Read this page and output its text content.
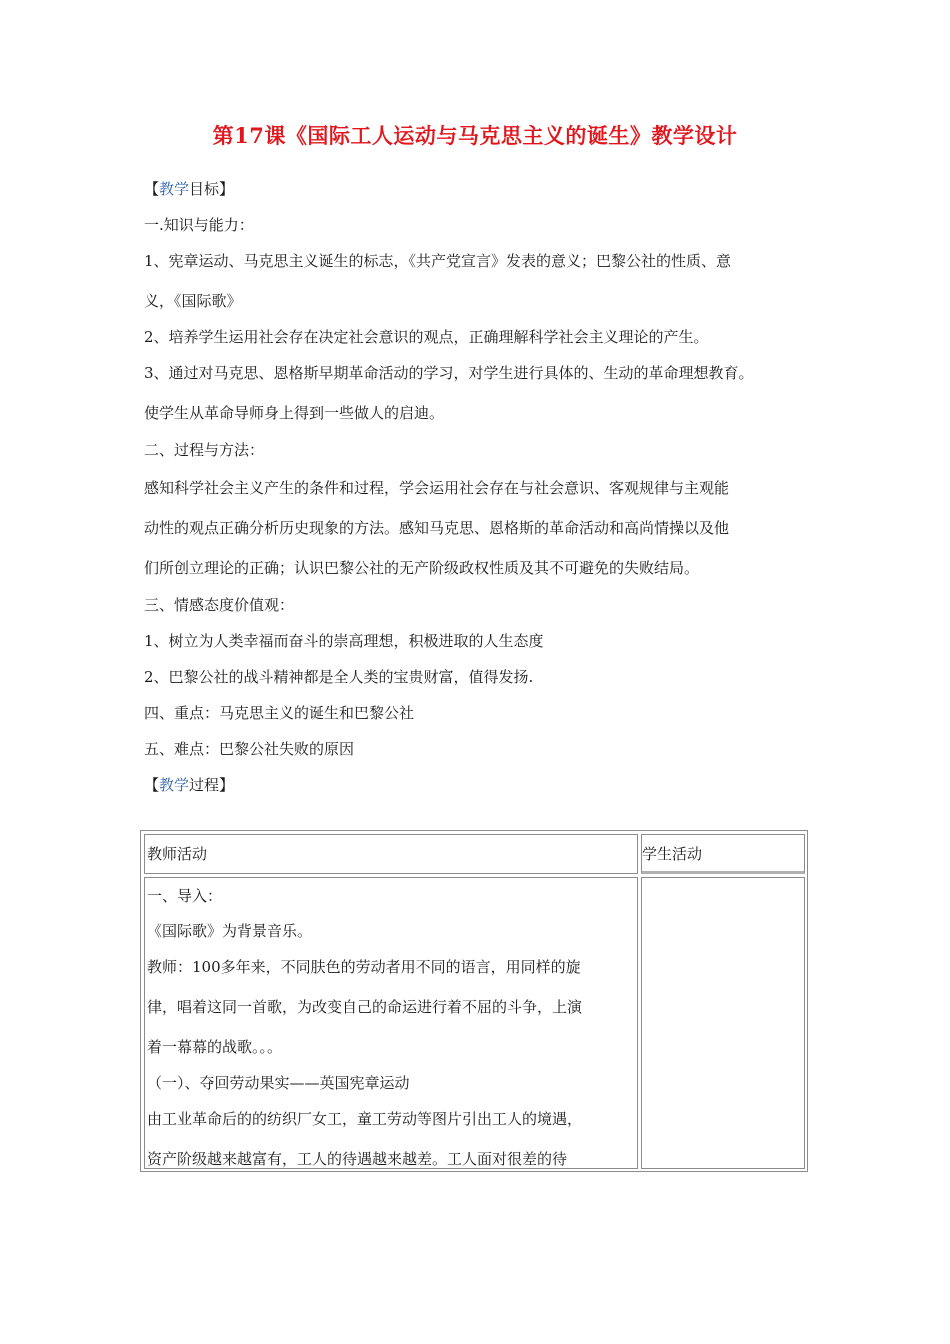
第17课《国际工人运动与马克思主义的诞生》教学设计
【教学目标】
一.知识与能力：
1、宪章运动、马克思主义诞生的标志，《共产党宣言》发表的意义；巴黎公社的性质、意
义，《国际歌》
2、培养学生运用社会存在决定社会意识的观点，正确理解科学社会主义理论的产生。
3、通过对马克思、恩格斯早期革命活动的学习，对学生进行具体的、生动的革命理想教育。
使学生从革命导师身上得到一些做人的启迪。
二、过程与方法：
感知科学社会主义产生的条件和过程，学会运用社会存在与社会意识、客观规律与主观能
动性的观点正确分析历史现象的方法。感知马克思、恩格斯的革命活动和高尚情操以及他
们所创立理论的正确；认识巴黎公社的无产阶级政权性质及其不可避免的失败结局。
三、情感态度价值观：
1、树立为人类幸福而奋斗的崇高理想，积极进取的人生态度
2、巴黎公社的战斗精神都是全人类的宝贵财富，值得发扬.
四、重点：马克思主义的诞生和巴黎公社
五、难点：巴黎公社失败的原因
【教学过程】
教师活动	学生活动
一、导入：
《国际歌》为背景音乐。
教师：100多年来，不同肤色的劳动者用不同的语言，用同样的旋
律，唱着这同一首歌，为改变自己的命运进行着不屈的斗争，上演
着一幕幕的战歌。。。
（一）、夺回劳动果实——英国宪章运动
由工业革命后的的纺织厂女工，童工劳动等图片引出工人的境遇，
资产阶级越来越富有，工人的待遇越来越差。工人面对很差的待
